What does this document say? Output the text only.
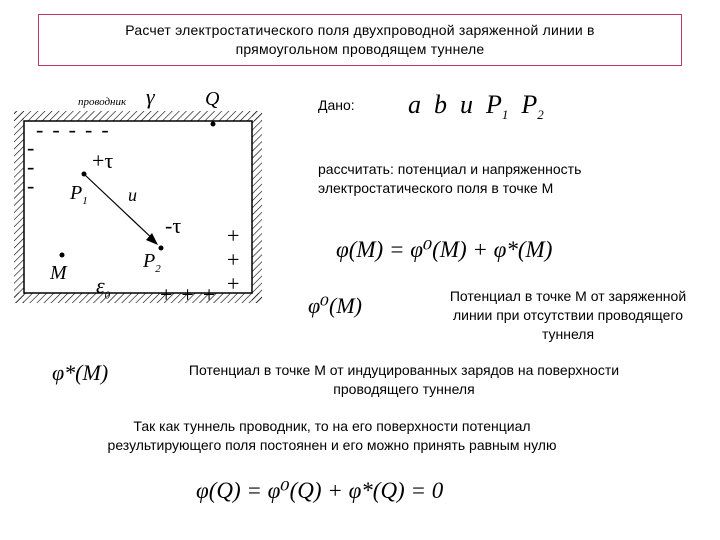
Расчет электростатического поля двухпроводной заряженной линии в
прямоугольном проводящем туннеле
проводник γ	Q
-----
-
-
-
+τ
$P_1$ u
-τ
$P_2$
M $\varepsilon_0$
+
+
+
+++
Дано: a b u $P_1$ $P_2$
рассчитать: потенциал и напряженность
электростатического поля в точке М
φ(M) = φ⁰(M) + φ*(M)
φ⁰(M)	Потенциал в точке М от заряженной
линии при отсутствии проводящего
туннеля
φ*(M)	Потенциал в точке М от индуцированных зарядов на поверхности
проводящего туннеля
Так как туннель проводник, то на его поверхности потенциал
результирующего поля постоянен и его можно принять равным нулю
φ(Q) = φ⁰(Q) + φ*(Q) = 0
